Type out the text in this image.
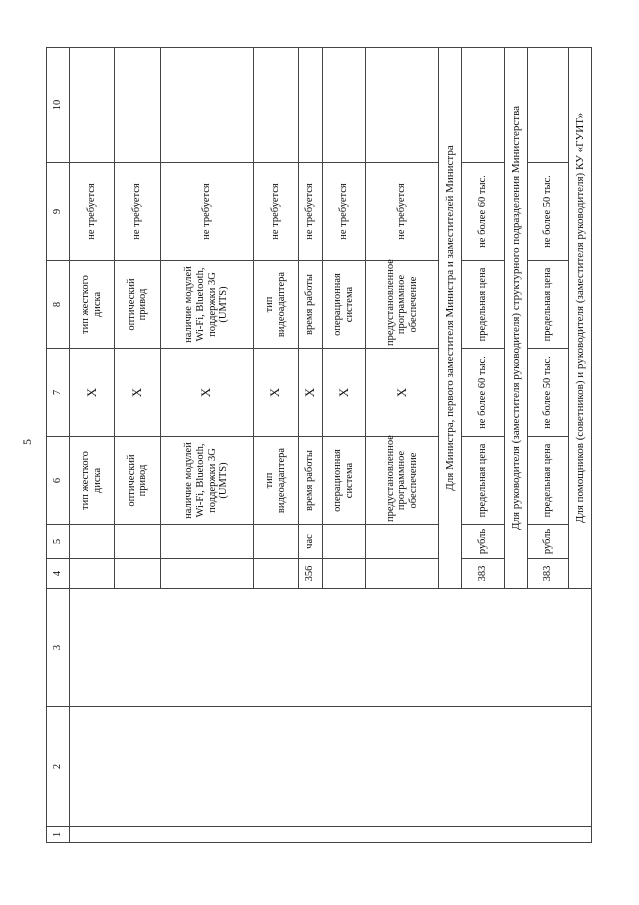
5
1	2	3	4	5	6	7	8	9	10
					тип жесткого диска	X	тип жесткого диска	не требуется	
					оптический привод	X	оптический привод	не требуется	
					наличие модулей Wi-Fi, Bluetooth, поддержки 3G (UMTS)	X	наличие модулей Wi-Fi, Bluetooth, поддержки 3G (UMTS)	не требуется	
					тип видеоадаптера	X	тип видеоадаптера	не требуется	
			356	час	время работы	X	время работы	не требуется	
					операционная система	X	операционная система	не требуется	
					предустановленное программное обеспечение	X	предустановленное программное обеспечение	не требуется	
			Для Министра, первого заместителя Министра и заместителей Министра						
			383	рубль	предельная цена	не более 60 тыс.	предельная цена	не более 60 тыс.	
			Для руководителя (заместителя руководителя) структурного подразделения Министерства						
			383	рубль	предельная цена	не более 50 тыс.	предельная цена	не более 50 тыс.	
			Для помощников (советников) и руководителя (заместителя руководителя) КУ «ГУИТ»						
